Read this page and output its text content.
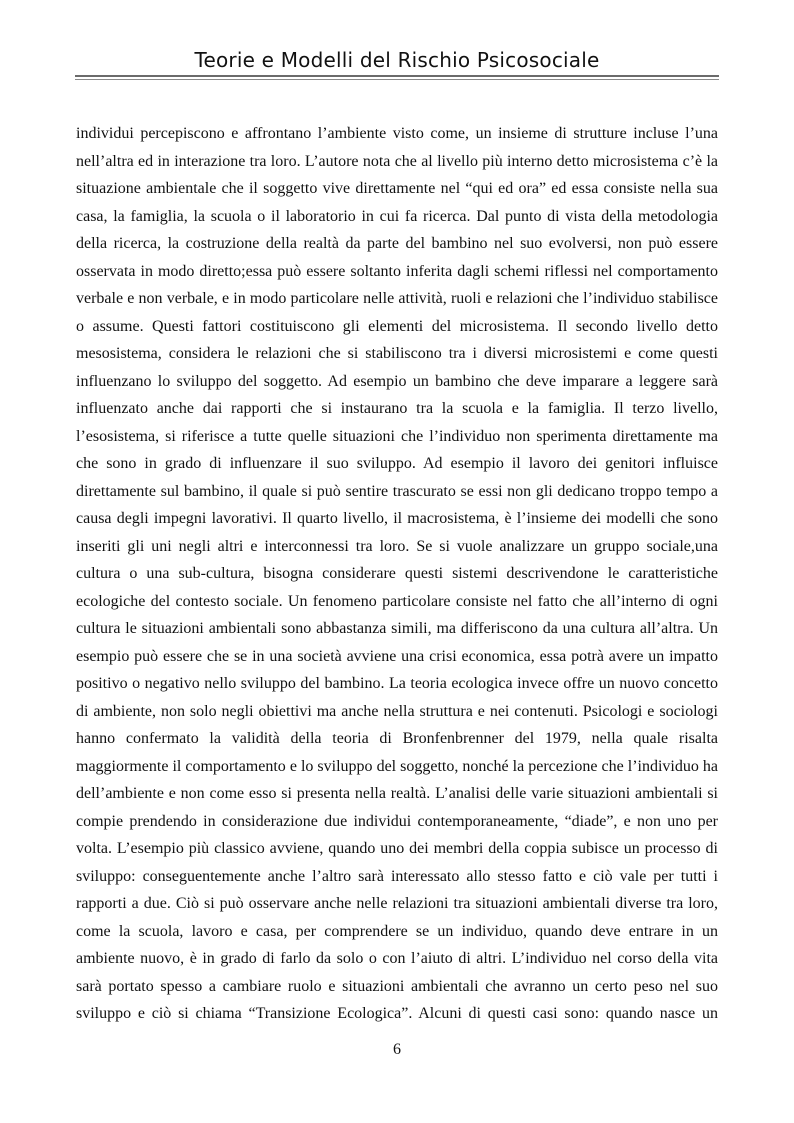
Teorie e Modelli del Rischio Psicosociale
individui percepiscono e affrontano l’ambiente visto come, un insieme di strutture incluse l’una
nell’altra ed in interazione tra loro. L’autore nota che al livello più interno detto microsistema c’è la
situazione ambientale che il soggetto vive direttamente nel “qui ed ora” ed essa consiste nella sua
casa, la famiglia, la scuola o il laboratorio in cui fa ricerca. Dal punto di vista della metodologia
della ricerca, la costruzione della realtà da parte del bambino nel suo evolversi, non può essere
osservata in modo diretto;essa può essere soltanto inferita dagli schemi riflessi nel comportamento
verbale e non verbale, e in modo particolare nelle attività, ruoli e relazioni che l’individuo stabilisce
o assume. Questi fattori costituiscono gli elementi del microsistema. Il secondo livello detto
mesosistema, considera le relazioni che si stabiliscono tra i diversi microsistemi e come questi
influenzano lo sviluppo del soggetto. Ad esempio un bambino che deve imparare a leggere sarà
influenzato anche dai rapporti che si instaurano tra la scuola e la famiglia. Il terzo livello,
l’esosistema, si riferisce a tutte quelle situazioni che l’individuo non sperimenta direttamente ma
che sono in grado di influenzare il suo sviluppo. Ad esempio il lavoro dei genitori influisce
direttamente sul bambino, il quale si può sentire trascurato se essi non gli dedicano troppo tempo a
causa degli impegni lavorativi. Il quarto livello, il macrosistema, è l’insieme dei modelli che sono
inseriti gli uni negli altri e interconnessi tra loro. Se si vuole analizzare un gruppo sociale,una
cultura o una sub-cultura, bisogna considerare questi sistemi descrivendone le caratteristiche
ecologiche del contesto sociale. Un fenomeno particolare consiste nel fatto che all’interno di ogni
cultura le situazioni ambientali sono abbastanza simili, ma differiscono da una cultura all’altra. Un
esempio può essere che se in una società avviene una crisi economica, essa potrà avere un impatto
positivo o negativo nello sviluppo del bambino. La teoria ecologica invece offre un nuovo concetto
di ambiente, non solo negli obiettivi ma anche nella struttura e nei contenuti. Psicologi e sociologi
hanno confermato la validità della teoria di Bronfenbrenner del 1979, nella quale risalta
maggiormente il comportamento e lo sviluppo del soggetto, nonché la percezione che l’individuo ha
dell’ambiente e non come esso si presenta nella realtà. L’analisi delle varie situazioni ambientali si
compie prendendo in considerazione due individui contemporaneamente, “diade”, e non uno per
volta. L’esempio più classico avviene, quando uno dei membri della coppia subisce un processo di
sviluppo: conseguentemente anche l’altro sarà interessato allo stesso fatto e ciò vale per tutti i
rapporti a due. Ciò si può osservare anche nelle relazioni tra situazioni ambientali diverse tra loro,
come la scuola, lavoro e casa, per comprendere se un individuo, quando deve entrare in un
ambiente nuovo, è in grado di farlo da solo o con l’aiuto di altri. L’individuo nel corso della vita
sarà portato spesso a cambiare ruolo e situazioni ambientali che avranno un certo peso nel suo
sviluppo e ciò si chiama “Transizione Ecologica”. Alcuni di questi casi sono: quando nasce un
6
